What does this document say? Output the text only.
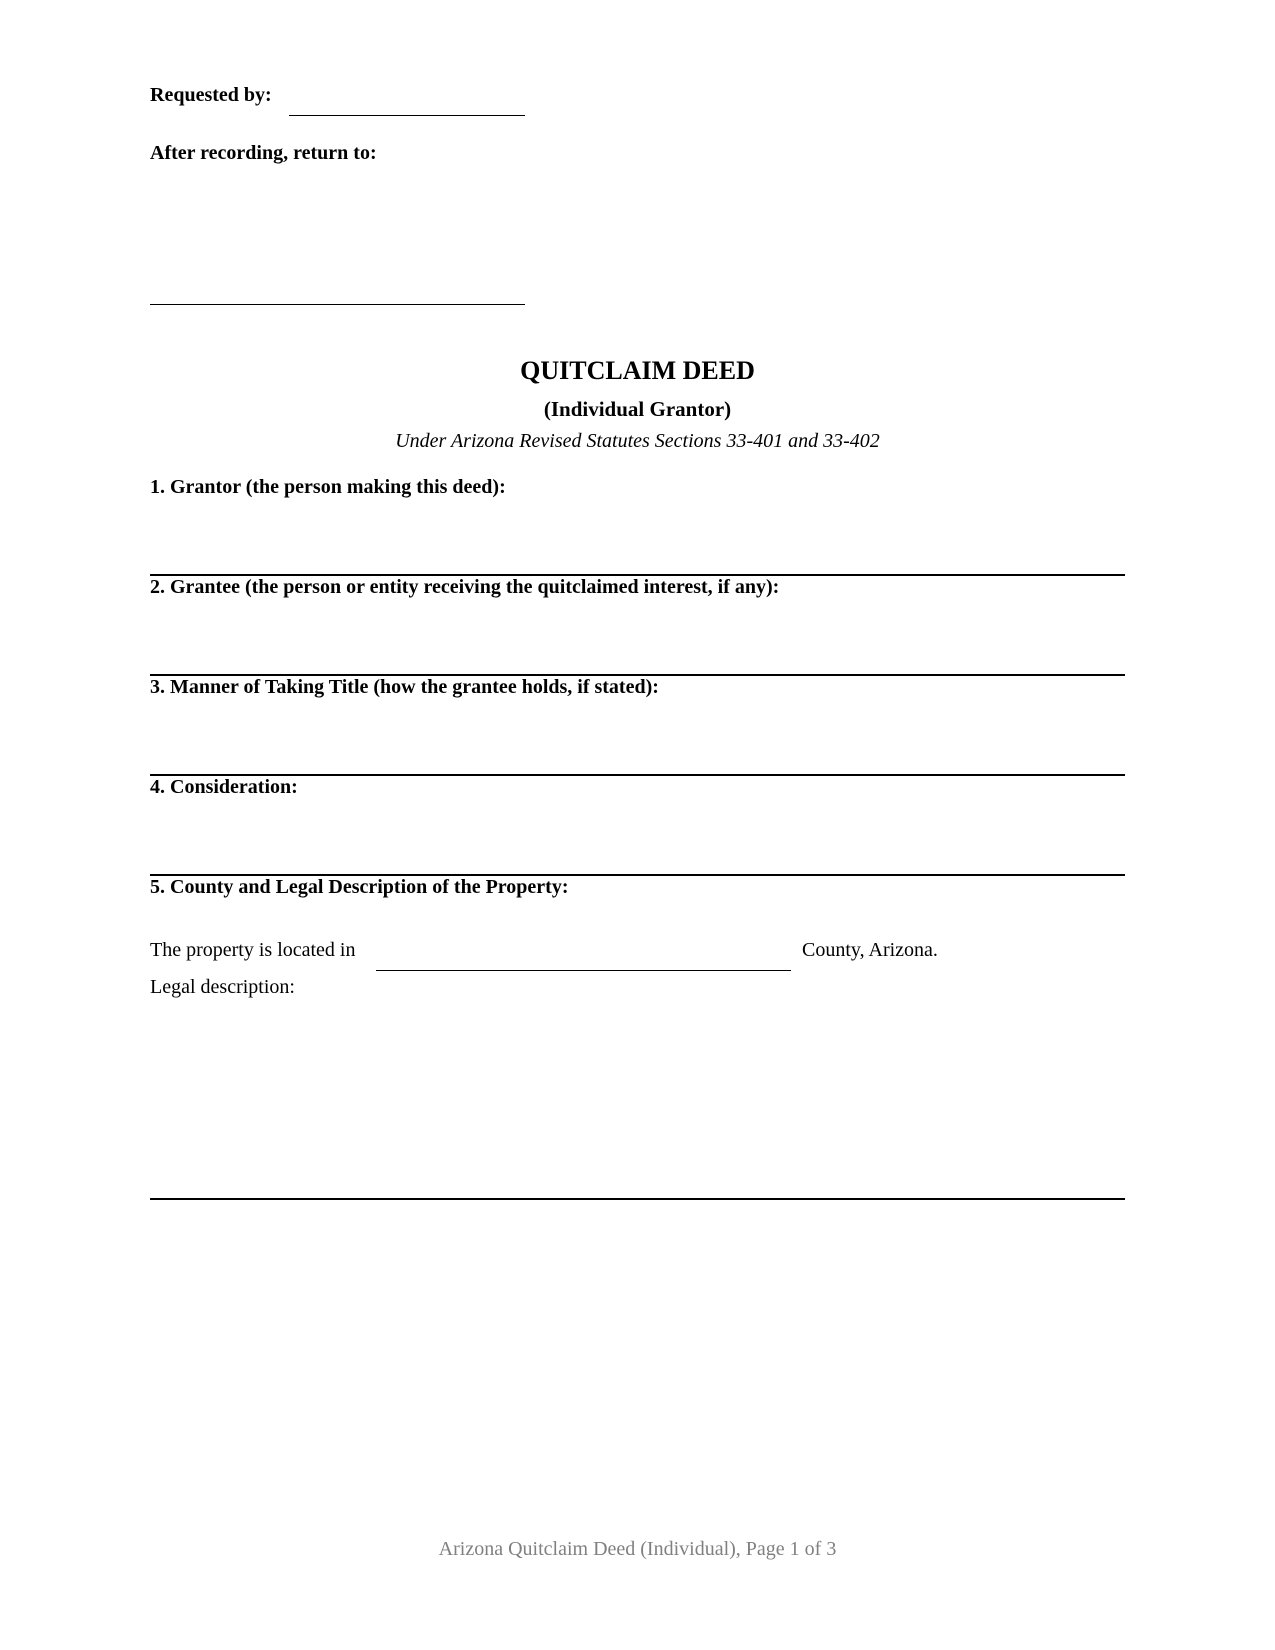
Requested by:
After recording, return to:
QUITCLAIM DEED
(Individual Grantor)
Under Arizona Revised Statutes Sections 33-401 and 33-402
1. Grantor (the person making this deed):
2. Grantee (the person or entity receiving the quitclaimed interest, if any):
3. Manner of Taking Title (how the grantee holds, if stated):
4. Consideration:
5. County and Legal Description of the Property:
The property is located in	County, Arizona.
Legal description:
Arizona Quitclaim Deed (Individual), Page 1 of 3
